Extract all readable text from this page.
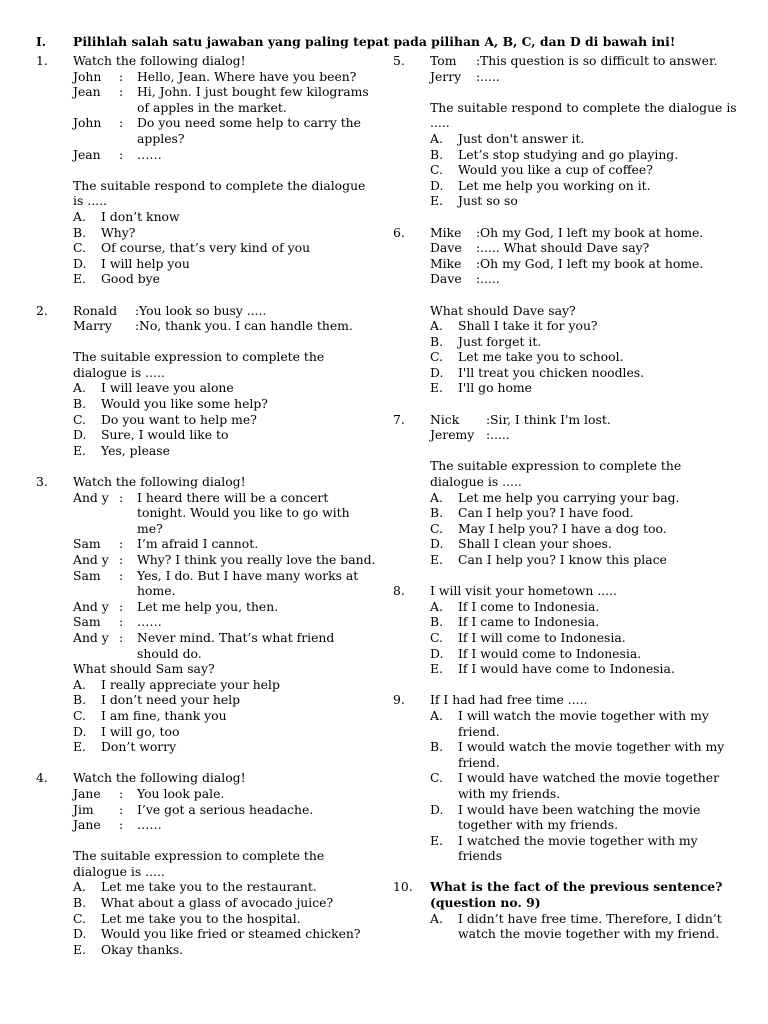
I. Pilihlah salah satu jawaban yang paling tepat pada pilihan A, B, C, dan D di bawah ini!
1. Watch the following dialog!
John	:	Hello, Jean. Where have you been?
Jean	:	Hi, John. I just bought few kilograms of apples in the market.
John	:	Do you need some help to carry the apples?
Jean	:	……
The suitable respond to complete the dialogue is .....
A.	I don’t know
B.	Why?
C.	Of course, that’s very kind of you
D.	I will help you
E.	Good bye
2. Ronald	: You look so busy .....
Marry	: No, thank you. I can handle them.
The suitable expression to complete the dialogue is .....
A.	I will leave you alone
B.	Would you like some help?
C.	Do you want to help me?
D.	Sure, I would like to
E.	Yes, please
3. Watch the following dialog!
And y :	I heard there will be a concert tonight. Would you like to go with me?
Sam	:	I’m afraid I cannot.
And y :	Why? I think you really love the band.
Sam	:	Yes, I do. But I have many works at home.
And y :	Let me help you, then.
Sam	:	……
And y :	Never mind. That’s what friend should do.
What should Sam say?
A.	I really appreciate your help
B.	I don’t need your help
C.	I am fine, thank you
D.	I will go, too
E.	Don’t worry
4. Watch the following dialog!
Jane	:	You look pale.
Jim	:	I’ve got a serious headache.
Jane	:	……
The suitable expression to complete the dialogue is .....
A.	Let me take you to the restaurant.
B.	What about a glass of avocado juice?
C.	Let me take you to the hospital.
D.	Would you like fried or steamed chicken?
E.	Okay thanks.
5. Tom	: This question is so difficult to answer.
Jerry	: .....
The suitable respond to complete the dialogue is .....
A.	Just don't answer it.
B.	Let’s stop studying and go playing.
C.	Would you like a cup of coffee?
D.	Let me help you working on it.
E.	Just so so
6. Mike	: Oh my God, I left my book at home.
Dave	: ..... What should Dave say?
Mike	: Oh my God, I left my book at home.
Dave	: .....
What should Dave say?
A.	Shall I take it for you?
B.	Just forget it.
C.	Let me take you to school.
D.	I'll treat you chicken noodles.
E.	I'll go home
7. Nick	: Sir, I think I'm lost.
Jeremy : .....
The suitable expression to complete the dialogue is .....
A.	Let me help you carrying your bag.
B.	Can I help you? I have food.
C.	May I help you? I have a dog too.
D.	Shall I clean your shoes.
E.	Can I help you? I know this place
8. I will visit your hometown .....
A.	If I come to Indonesia.
B.	If I came to Indonesia.
C.	If I will come to Indonesia.
D.	If I would come to Indonesia.
E.	If I would have come to Indonesia.
9. If I had had free time .....
A.	I will watch the movie together with my friend.
B.	I would watch the movie together with my friend.
C.	I would have watched the movie together with my friends.
D.	I would have been watching the movie together with my friends.
E.	I watched the movie together with my friends
10. What is the fact of the previous sentence? (question no. 9)
A.	I didn’t have free time. Therefore, I didn’t watch the movie together with my friend.
